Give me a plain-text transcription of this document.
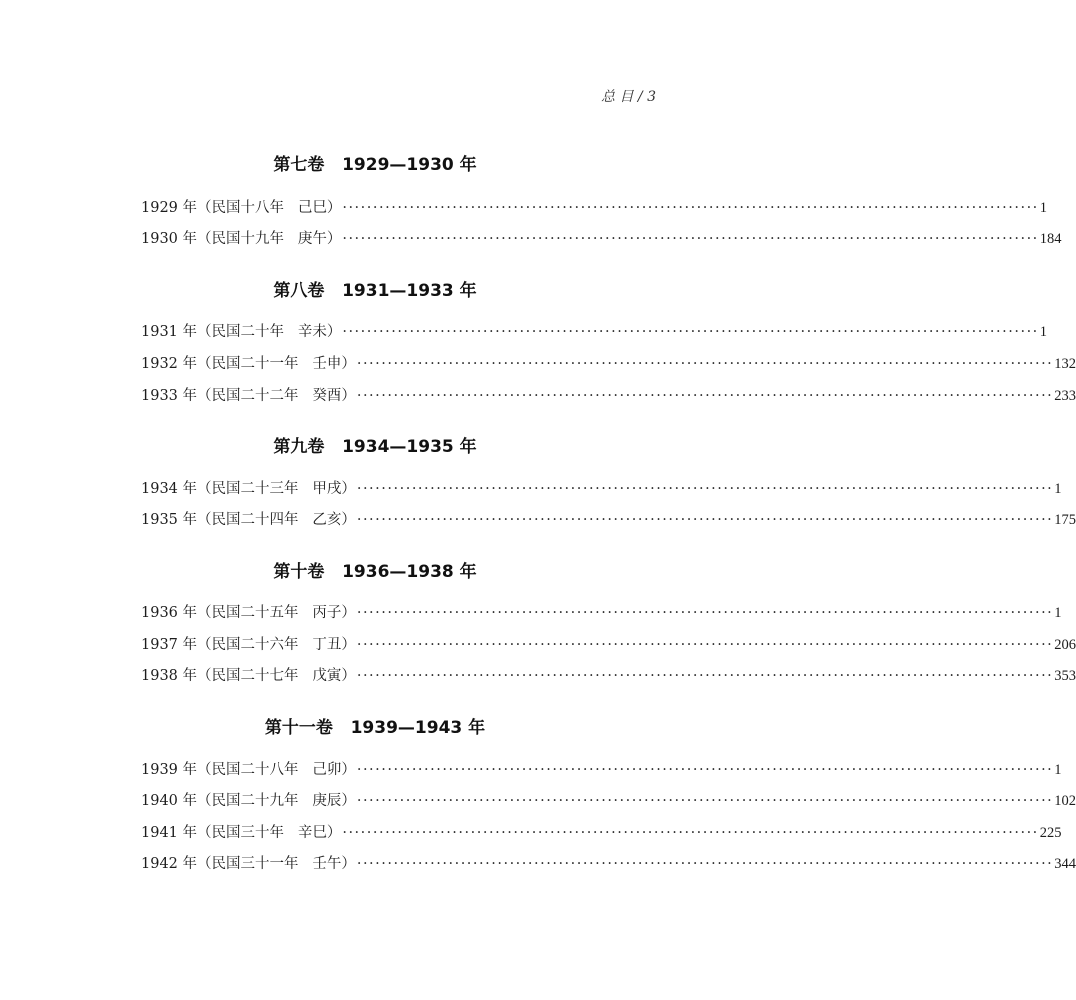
总 目 / 3
第七卷   1929—1930 年
1929 年（民国十八年   己巳） ·················································································································· 1
1930 年（民国十九年   庚午） ·················································································································· 184
第八卷   1931—1933 年
1931 年（民国二十年   辛未） ·················································································································· 1
1932 年（民国二十一年   壬申） ·················································································································· 132
1933 年（民国二十二年   癸酉） ·················································································································· 233
第九卷   1934—1935 年
1934 年（民国二十三年   甲戌） ·················································································································· 1
1935 年（民国二十四年   乙亥） ·················································································································· 175
第十卷   1936—1938 年
1936 年（民国二十五年   丙子） ·················································································································· 1
1937 年（民国二十六年   丁丑） ·················································································································· 206
1938 年（民国二十七年   戊寅） ·················································································································· 353
第十一卷   1939—1943 年
1939 年（民国二十八年   己卯） ·················································································································· 1
1940 年（民国二十九年   庚辰） ·················································································································· 102
1941 年（民国三十年   辛巳） ·················································································································· 225
1942 年（民国三十一年   壬午） ·················································································································· 344
